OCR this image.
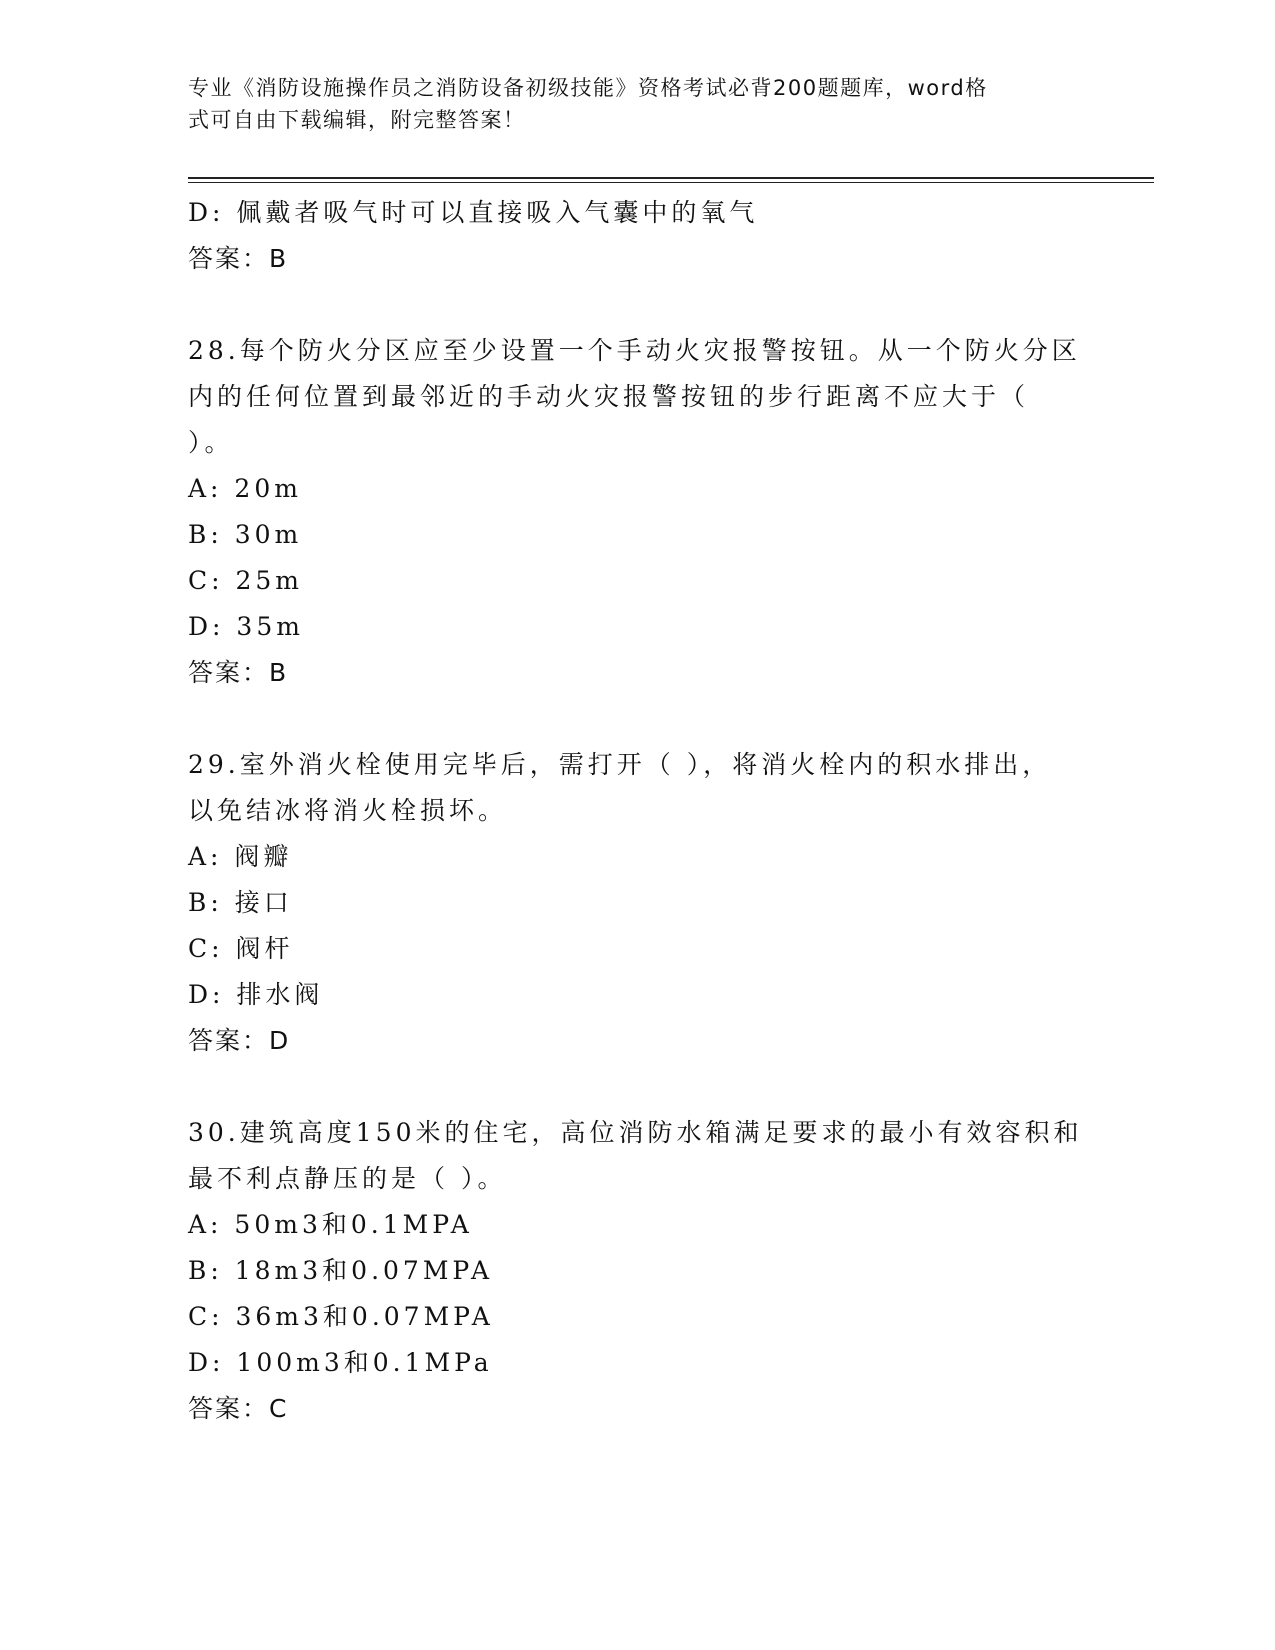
专业《消防设施操作员之消防设备初级技能》资格考试必背200题题库，word格
式可自由下载编辑，附完整答案！
D: 佩戴者吸气时可以直接吸入气囊中的氧气
答案：B
28.每个防火分区应至少设置一个手动火灾报警按钮。从一个防火分区
内的任何位置到最邻近的手动火灾报警按钮的步行距离不应大于（
）。
A: 20m
B: 30m
C: 25m
D: 35m
答案：B
29.室外消火栓使用完毕后，需打开（ ），将消火栓内的积水排出，
以免结冰将消火栓损坏。
A: 阀瓣
B: 接口
C: 阀杆
D: 排水阀
答案：D
30.建筑高度150米的住宅，高位消防水箱满足要求的最小有效容积和
最不利点静压的是（ ）。
A: 50m3和0.1MPA
B: 18m3和0.07MPA
C: 36m3和0.07MPA
D: 100m3和0.1MPa
答案：C
